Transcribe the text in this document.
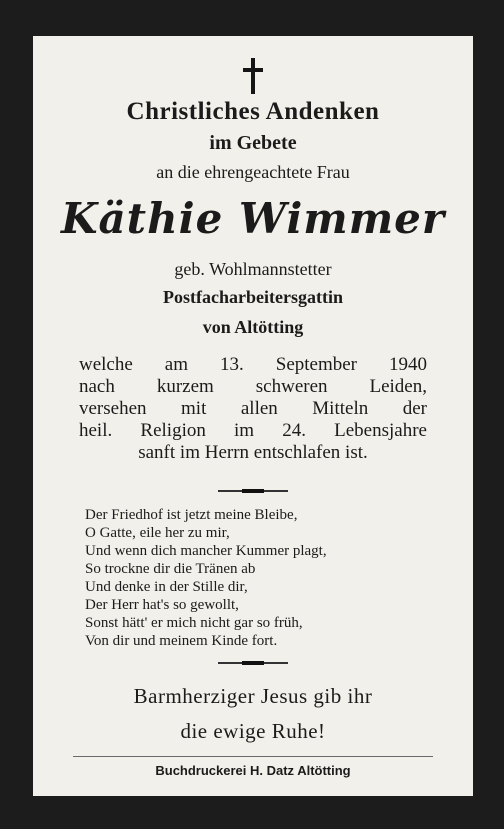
Christliches Andenken
im Gebete
an die ehrengeachtete Frau
Käthie Wimmer
geb. Wohlmannstetter
Postfacharbeitersgattin
von Altötting
welche am 13. September 1940
nach kurzem schweren Leiden,
versehen mit allen Mitteln der
heil. Religion im 24. Lebensjahre
sanft im Herrn entschlafen ist.
Der Friedhof ist jetzt meine Bleibe,
O Gatte, eile her zu mir,
Und wenn dich mancher Kummer plagt,
So trockne dir die Tränen ab
Und denke in der Stille dir,
Der Herr hat's so gewollt,
Sonst hätt' er mich nicht gar so früh,
Von dir und meinem Kinde fort.
Barmherziger Jesus gib ihr
die ewige Ruhe!
Buchdruckerei H. Datz Altötting
